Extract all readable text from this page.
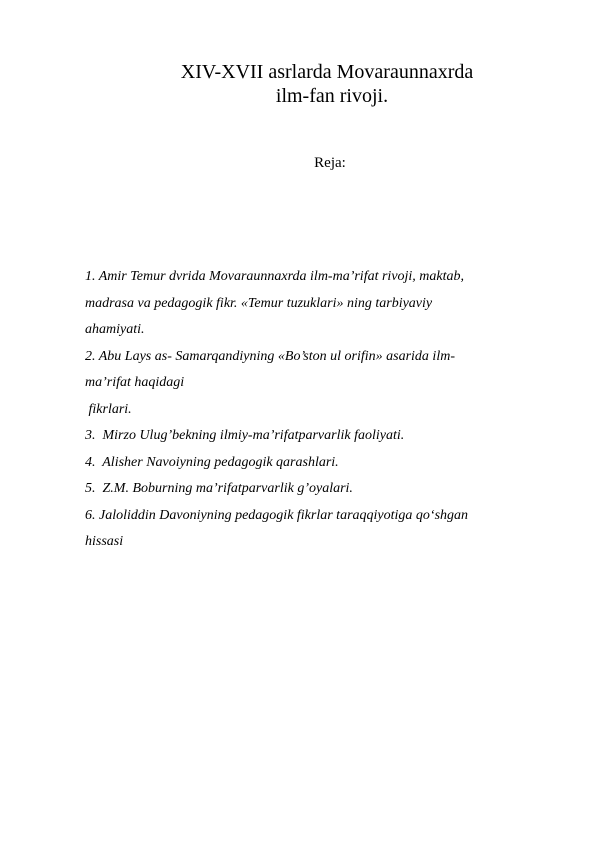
XIV-XVII asrlarda Movaraunnaxrda
ilm-fan rivoji.
Reja:
1. Amir Temur dvrida Movaraunnaxrda ilm-ma’rifat rivoji, maktab,
madrasa va pedagogik fikr. «Temur tuzuklari» ning tarbiyaviy
ahamiyati.
2. Abu Lays as- Samarqandiyning «Bo’ston ul orifin» asarida ilm-
ma’rifat haqidagi
fikrlari.
3.  Mirzo Ulug’bekning ilmiy-ma’rifatparvarlik faoliyati.
4.  Alisher Navoiyning pedagogik qarashlari.
5.  Z.M. Boburning ma’rifatparvarlik g’oyalari.
6. Jaloliddin Davoniyning pedagogik fikrlar taraqqiyotiga qo‘shgan
hissasi
